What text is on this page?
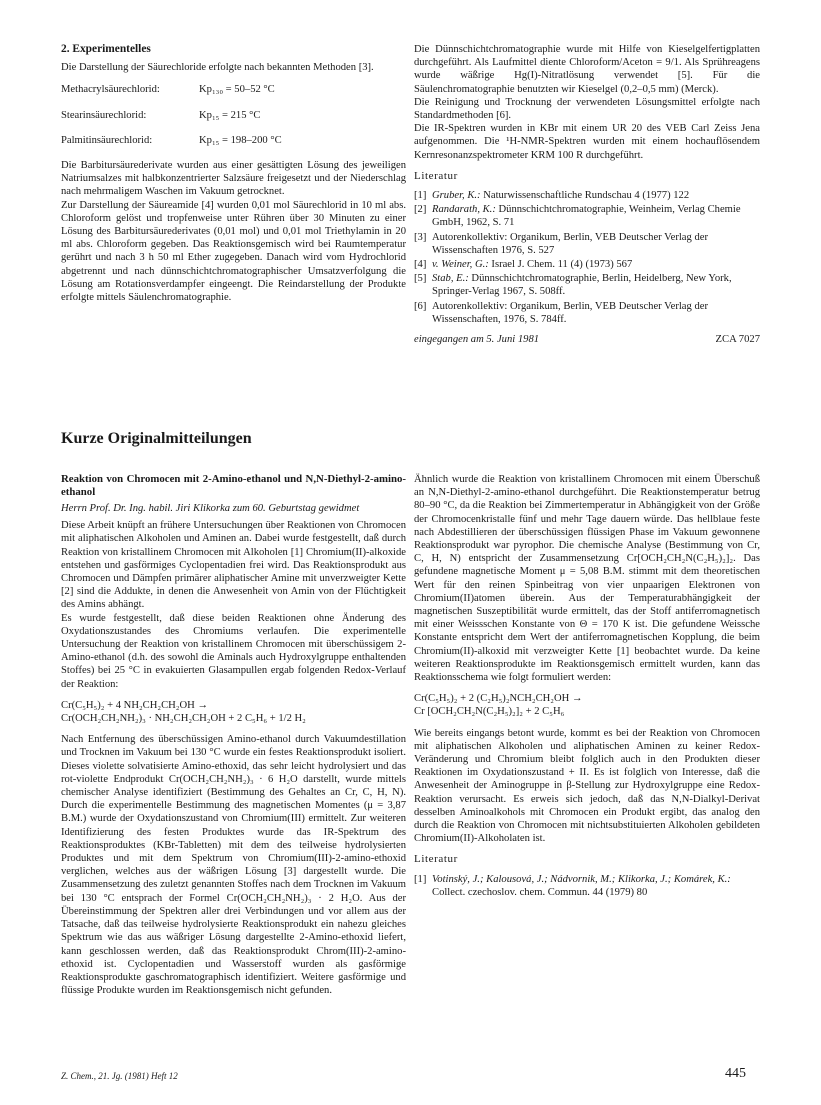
2. Experimentelles

Die Darstellung der Säurechloride erfolgte nach bekannten Methoden [3].

Methacrylsäurechlorid:	Kp₁₃₀ = 50–52 °C
Stearinsäurechlorid:	Kp₁₅ = 215 °C
Palmitinsäurechlorid:	Kp₁₅ = 198–200 °C

Die Barbitursäurederivate wurden aus einer gesättigten Lösung des jeweiligen Natriumsalzes mit halbkonzentrierter Salzsäure freigesetzt und der Niederschlag nach mehrmaligem Waschen im Vakuum getrocknet.

Zur Darstellung der Säureamide [4] wurden 0,01 mol Säurechlorid in 10 ml abs. Chloroform gelöst und tropfenweise unter Rühren über 30 Minuten zu einer Lösung des Barbitursäurederivates (0,01 mol) und 0,01 mol Triethylamin in 20 ml abs. Chloroform gegeben. Das Reaktionsgemisch wird bei Raumtemperatur gerührt und nach 3 h 50 ml Ether zugegeben. Danach wird vom Hydrochlorid abgetrennt und nach dünnschichtchromatographischer Umsatzverfolgung die Lösung am Rotationsverdampfer eingeengt. Die Reindarstellung der Produkte erfolgte mittels Säulenchromatographie.

Die Dünnschichtchromatographie wurde mit Hilfe von Kieselgelfertigplatten durchgeführt. Als Laufmittel diente Chloroform/Aceton = 9/1. Als Sprühreagens wurde wäßrige Hg(I)-Nitratlösung verwendet [5]. Für die Säulenchromatographie benutzten wir Kieselgel (0,2–0,5 mm) (Merck).

Die Reinigung und Trocknung der verwendeten Lösungsmittel erfolgte nach Standardmethoden [6].

Die IR-Spektren wurden in KBr mit einem UR 20 des VEB Carl Zeiss Jena aufgenommen. Die ¹H-NMR-Spektren wurden mit einem hochauflösendem Kernresonanzspektrometer KRM 100 R durchgeführt.

Literatur
[1] Gruber, K.: Naturwissenschaftliche Rundschau 4 (1977) 122
[2] Randarath, K.: Dünnschichtchromatographie, Weinheim, Verlag Chemie GmbH, 1962, S. 71
[3] Autorenkollektiv: Organikum, Berlin, VEB Deutscher Verlag der Wissenschaften 1976, S. 527
[4] v. Weiner, G.: Israel J. Chem. 11 (4) (1973) 567
[5] Stab, E.: Dünnschichtchromatographie, Berlin, Heidelberg, New York, Springer-Verlag 1967, S. 508ff.
[6] Autorenkollektiv: Organikum, Berlin, VEB Deutscher Verlag der Wissenschaften, 1976, S. 784ff.
eingegangen am 5. Juni 1981	ZCA 7027
Kurze Originalmitteilungen
Reaktion von Chromocen mit 2-Amino-ethanol und N,N-Diethyl-2-amino-ethanol

Herrn Prof. Dr. Ing. habil. Jiri Klikorka zum 60. Geburtstag gewidmet

Diese Arbeit knüpft an frühere Untersuchungen über Reaktionen von Chromocen mit aliphatischen Alkoholen und Aminen an. Dabei wurde festgestellt, daß durch Reaktion von kristallinem Chromocen mit Alkoholen [1] Chromium(II)-alkoxide entstehen und gasförmiges Cyclopentadien frei wird. Das Reaktionsprodukt aus Chromocen und Dämpfen primärer aliphatischer Amine mit unverzweigter Kette [2] sind die Addukte, in denen die Anwesenheit von Amin von der Flüchtigkeit des Amins abhängt.

Es wurde festgestellt, daß diese beiden Reaktionen ohne Änderung des Oxydationszustandes des Chromiums verlaufen. Die experimentelle Untersuchung der Reaktion von kristallinem Chromocen mit überschüssigem 2-Amino-ethanol (d.h. des sowohl die Aminals auch Hydroxylgruppe enthaltenden Stoffes) bei 25 °C in evakuierten Glasampullen ergab folgenden Redox-Verlauf der Reaktion:

Cr(C₅H₅)₂ + 4 NH₂CH₂CH₂OH →
Cr(OCH₂CH₂NH₂)₃ · NH₂CH₂CH₂OH + 2 C₅H₆ + 1/2 H₂

Nach Entfernung des überschüssigen Amino-ethanol durch Vakuumdestillation und Trocknen im Vakuum bei 130 °C wurde ein festes Reaktionsprodukt isoliert. Dieses violette solvatisierte Amino-ethoxid, das sehr leicht hydrolysiert und das rot-violette Endprodukt Cr(OCH₂CH₂NH₂)₃ · 6 H₂O darstellt, wurde mittels chemischer Analyse identifiziert (Bestimmung des Gehaltes an Cr, C, H, N). Durch die experimentelle Bestimmung des magnetischen Momentes (μ = 3,87 B.M.) wurde der Oxydationszustand von Chromium(III) ermittelt. Zur weiteren Identifizierung des festen Produktes wurde das IR-Spektrum des Reaktionsproduktes (KBr-Tabletten) mit dem des teilweise hydrolysierten Produktes und mit dem Spektrum von Chromium(III)-2-amino-ethoxid verglichen, welches aus der wäßrigen Lösung [3] dargestellt wurde. Die Zusammensetzung des zuletzt genannten Stoffes nach dem Trocknen im Vakuum bei 130 °C entsprach der Formel Cr(OCH₂CH₂NH₂)₃ · 2 H₂O. Aus der Übereinstimmung der Spektren aller drei Verbindungen und vor allem aus der Tatsache, daß das teilweise hydrolysierte Reaktionsprodukt ein nahezu gleiches Spektrum wie das aus wäßriger Lösung dargestellte 2-Amino-ethoxid liefert, kann geschlossen werden, daß das Reaktionsprodukt Chrom(III)-2-amino-ethoxid ist. Cyclopentadien und Wasserstoff wurden als gasförmige Reaktionsprodukte gaschromatographisch identifiziert. Weitere gasförmige und flüssige Produkte wurden im Reaktionsgemisch nicht gefunden.

Ähnlich wurde die Reaktion von kristallinem Chromocen mit einem Überschuß an N,N-Diethyl-2-amino-ethanol durchgeführt. Die Reaktionstemperatur betrug 80–90 °C, da die Reaktion bei Zimmertemperatur in Abhängigkeit von der Größe der Chromocenkristalle fünf und mehr Tage dauern würde. Das hellblaue feste nach Abdestillieren der überschüssigen flüssigen Phase im Vakuum gewonnene Reaktionsprodukt war pyrophor. Die chemische Analyse (Bestimmung von Cr, C, H, N) entspricht der Zusammensetzung Cr[OCH₂CH₂N(C₂H₅)₂]₂. Das gefundene magnetische Moment μ = 5,08 B.M. stimmt mit dem theoretischen Wert für den reinen Spinbeitrag von vier unpaarigen Elektronen von Chromium(II)atomen überein. Aus der Temperaturabhängigkeit der magnetischen Suszeptibilität wurde ermittelt, das der Stoff antiferromagnetisch mit einer Weissschen Konstante von Θ = 170 K ist. Die gefundene Weissche Konstante entspricht dem Wert der antiferromagnetischen Kopplung, die beim Chromium(II)-alkoxid mit verzweigter Kette [1] beobachtet wurde. Da keine weiteren Reaktionsprodukte im Reaktionsgemisch ermittelt wurden, kann das Reaktionsschema wie folgt formuliert werden:

Cr(C₅H₅)₂ + 2 (C₂H₅)₂NCH₂CH₂OH →
Cr [OCH₂CH₂N(C₂H₅)₂]₂ + 2 C₅H₆

Wie bereits eingangs betont wurde, kommt es bei der Reaktion von Chromocen mit aliphatischen Alkoholen und aliphatischen Aminen zu keiner Redox-Veränderung und Chromium bleibt folglich auch in den Produkten dieser Reaktionen im Oxydationszustand + II. Es ist folglich von Interesse, daß die Anwesenheit der Aminogruppe in β-Stellung zur Hydroxylgruppe eine Redox-Reaktion verursacht. Es erweis sich jedoch, daß das N,N-Dialkyl-Derivat desselben Aminoalkohols mit Chromocen ein Produkt ergibt, das analog den durch die Reaktion von Chromocen mit nichtsubstituierten Alkoholen gebildeten Chromium(II)-Alkoholaten ist.

Literatur
[1] Votinský, J.; Kalousová, J.; Nádvornik, M.; Klikorka, J.; Komárek, K.: Collect. czechoslov. chem. Commun. 44 (1979) 80
Z. Chem., 21. Jg. (1981) Heft 12	445
